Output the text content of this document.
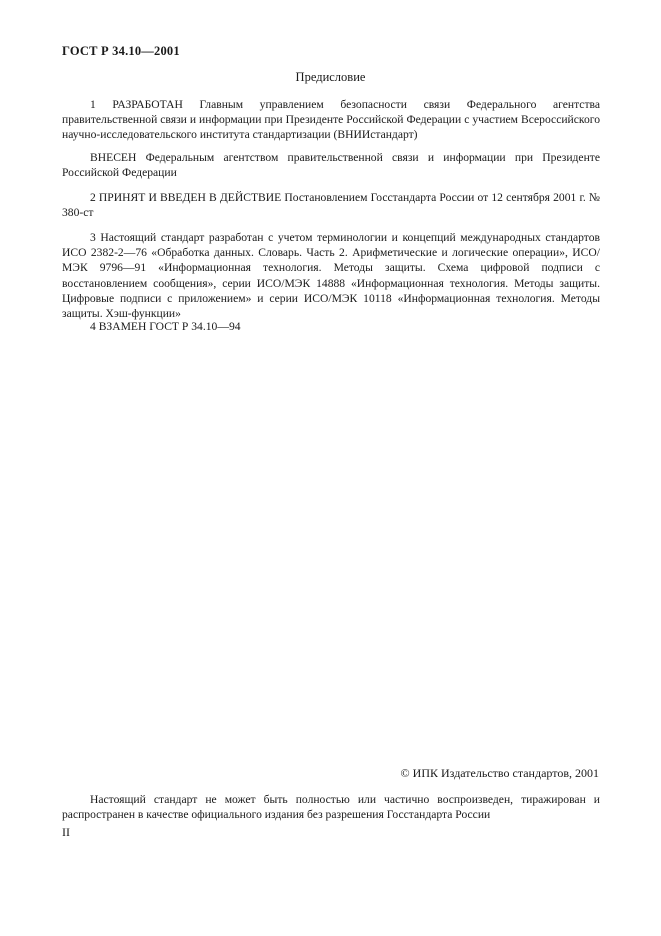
ГОСТ Р 34.10—2001
Предисловие

1 РАЗРАБОТАН Главным управлением безопасности связи Федерального агентства правительственной связи и информации при Президенте Российской Федерации с участием Всероссийского научно-исследовательского института стандартизации (ВНИИстандарт)

ВНЕСЕН Федеральным агентством правительственной связи и информации при Президенте Российской Федерации

2 ПРИНЯТ И ВВЕДЕН В ДЕЙСТВИЕ Постановлением Госстандарта России от 12 сентября 2001 г. № 380-ст

3 Настоящий стандарт разработан с учетом терминологии и концепций международных стандартов ИСО 2382-2—76 «Обработка данных. Словарь. Часть 2. Арифметические и логические операции», ИСО/МЭК 9796—91 «Информационная технология. Методы защиты. Схема цифровой подписи с восстановлением сообщения», серии ИСО/МЭК 14888 «Информационная технология. Методы защиты. Цифровые подписи с приложением» и серии ИСО/МЭК 10118 «Информационная технология. Методы защиты. Хэш-функции»

4 ВЗАМЕН ГОСТ Р 34.10—94

© ИПК Издательство стандартов, 2001

Настоящий стандарт не может быть полностью или частично воспроизведен, тиражирован и распространен в качестве официального издания без разрешения Госстандарта России

II
